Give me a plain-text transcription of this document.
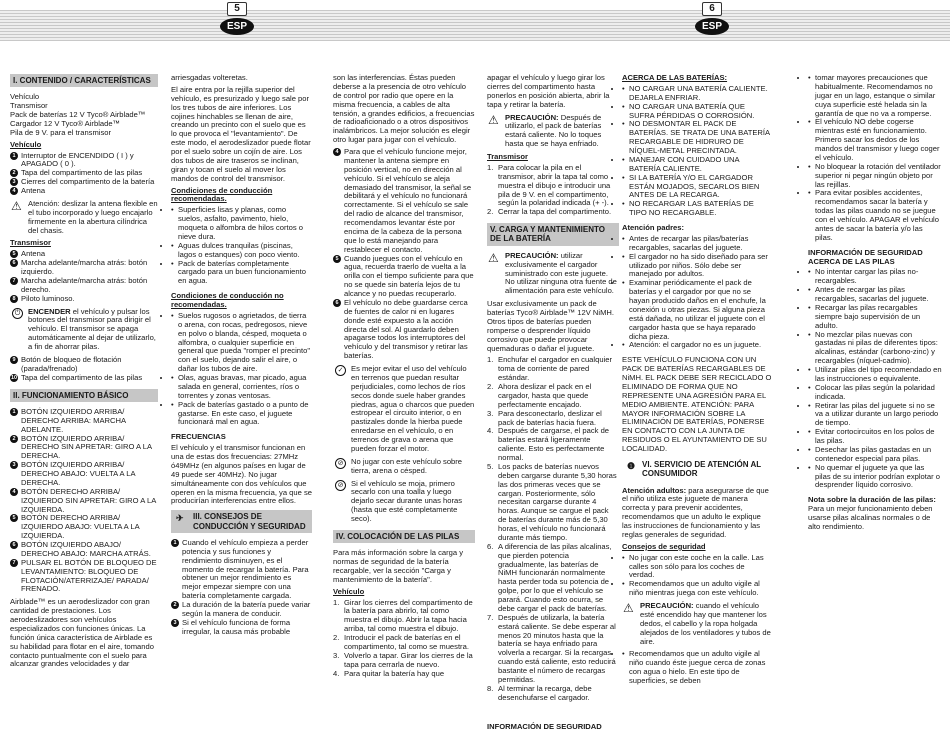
5
ESP
6
ESP
I. CONTENIDO / CARACTERÍSTICAS
Vehículo
Transmisor
Pack de baterías 12 V Tyco® Airblade™
Cargador 12 V Tyco® Airblade™
Pila de 9 V. para el transmisor
Vehículo
1 Interruptor de ENCENDIDO ( I ) y APAGADO ( 0 ).
2 Tapa del compartimento de las pilas
3 Cierres del compartimento de la batería
4 Antena
⚠ Atención: deslizar la antena flexible en el tubo incorporado y luego encajarlo firmemente en la abertura cilíndrica del chasis.
Transmisor
5 Antena
6 Marcha adelante/marcha atrás: botón izquierdo.
7 Marcha adelante/marcha atrás: botón derecho.
8 Piloto luminoso.
⏻	ENCENDER el vehículo y pulsar los botones del transmisor para dirigir el vehículo. El transmisor se apaga automáticamente al dejar de utilizarlo, a fin de ahorrar pilas.
9 Botón de bloqueo de flotación (parada/frenado)
10 Tapa del compartimento de las pilas
II. FUNCIONAMIENTO BÁSICO
1 BOTÓN IZQUIERDO ARRIBA/ DERECHO ARRIBA: MARCHA ADELANTE.
2 BOTÓN IZQUIERDO ARRIBA/ DERECHO SIN APRETAR: GIRO A LA DERECHA.
3 BOTÓN IZQUIERDO ARRIBA/ DERECHO ABAJO: VUELTA A LA DERECHA.
4 BOTÓN DERECHO ARRIBA/ IZQUIERDO SIN APRETAR: GIRO A LA IZQUIERDA.
5 BOTÓN DERECHO ARRIBA/ IZQUIERDO ABAJO: VUELTA A LA IZQUIERDA.
6 BOTÓN IZQUIERDO ABAJO/ DERECHO ABAJO: MARCHA ATRÁS.
7 PULSAR EL BOTÓN DE BLOQUEO DE LEVANTAMIENTO: BLOQUEO DE FLOTACIÓN/ATERRIZAJE/ PARADA/ FRENADO.
Airblade™ es un aerodeslizador con gran cantidad de prestaciones. Los aerodeslizadores son vehículos especializados con funciones únicas. La función única característica de Airblade es su habilidad para flotar en el aire, tomando contacto puntualmente con el suelo para alcanzar grandes velocidades y dar
arriesgadas volteretas.
El aire entra por la rejilla superior del vehículo, es presurizado y luego sale por los tres tubos de aire inferiores. Los cojines hinchables se llenan de aire, creando un precinto con el suelo que es lo que provoca el "levantamiento". De este modo, el aerodeslizador puede flotar por el suelo sobre un cojín de aire. Los dos tubos de aire traseros se inclinan, giran y tocan el suelo al mover los mandos de control del transmisor.
Condiciones de conducción recomendadas.
• • Superficies lisas y planas, como suelos, asfalto, pavimento, hielo, moqueta o alfombra de hilos cortos o nieve dura.
• • Aguas dulces tranquilas (piscinas, lagos o estanques) con poco viento.
• • Pack de baterías completamente cargado para un buen funcionamiento en agua.
Condiciones de conducción no recomendadas.
• • Suelos rugosos o agrietados, de tierra o arena, con rocas, pedregosos, nieve en polvo o blanda, césped, moqueta o alfombra, o cualquier superficie en general que pueda "romper el precinto" con el suelo, dejando salir el aire, o dañar los tubos de aire.
• • Olas, aguas bravas, mar picado, agua salada en general, corrientes, ríos o torrentes y zonas ventosas.
• • Pack de baterías gastado o a punto de gastarse. En este caso, el juguete funcionará mal en agua.
FRECUENCIAS
El vehículo y el transmisor funcionan en una de estas dos frecuencias: 27MHz ó49MHz (en algunos países en lugar de 49 puede ser 40MHz). No jugar simultáneamente con dos vehículos que operen en la misma frecuencia, ya que se producirían interferencias entre ellos.
✈ III. CONSEJOS DE CONDUCCIÓN Y SEGURIDAD
1 Cuando el vehículo empieza a perder potencia y sus funciones y rendimiento disminuyen, es el momento de recargar la batería. Para obtener un mejor rendimiento es mejor empezar siempre con una batería completamente cargada.
2 La duración de la batería puede variar según la manera de conducir.
3 Si el vehículo funciona de forma irregular, la causa más probable
son las interferencias. Éstas pueden deberse a la presencia de otro vehículo de control por radio que opere en la misma frecuencia, a cables de alta tensión, a grandes edificios, a frecuencias de radioaficionado o a otros dispositivos inalámbricos. La mejor solución es elegir otro lugar para jugar con el vehículo.
4 Para que el vehículo funcione mejor, mantener la antena siempre en posición vertical, no en dirección al vehículo. Si el vehículo se aleja demasiado del transmisor, la señal se debilitará y el vehículo no funcionará correctamente. Si el vehículo se sale del radio de alcance del transmisor, recomendamos levantar éste por encima de la cabeza de la persona que lo está manejando para restablecer el contacto.
5 Cuando juegues con el vehículo en agua, recuerda traerlo de vuelta a la orilla con el tiempo suficiente para que no se quede sin batería lejos de tu alcance y no puedas recuperarlo.
6 El vehículo no debe guardarse cerca de fuentes de calor ni en lugares donde esté expuesto a la acción directa del sol. Al guardarlo deben apagarse todos los interruptores del vehículo y del transmisor y retirar las baterías.
✓ Es mejor evitar el uso del vehículo en terrenos que puedan resultar perjudiciales, como lechos de ríos secos donde suele haber grandes piedras, agua o charcos que pueden estropear el circuito interior, o en pastizales donde la hierba puede enredarse en el vehículo, o en terrenos de grava o arena que pueden forzar el motor.
⊘ No jugar con este vehículo sobre tierra, arena o césped.
⊘ Si el vehículo se moja, primero secarlo con una toalla y luego dejarlo secar durante unas horas (hasta que esté completamente seco).
IV. COLOCACIÓN DE LAS PILAS
Para más información sobre la carga y normas de seguridad de la batería recargable, ver la sección "Carga y mantenimiento de la batería".
Vehículo
1. Girar los cierres del compartimento de la batería para abrirlo, tal como muestra el dibujo. Abrir la tapa hacia arriba, tal como muestra el dibujo.
2. Introducir el pack de baterías en el compartimento, tal como se muestra.
3. Volverlo a tapar. Girar los cierres de la tapa para cerrarla de nuevo.
4. Para quitar la batería hay que
apagar el vehículo y luego girar los cierres del compartimento hasta ponerlos en posición abierta, abrir la tapa y retirar la batería.
⚠ PRECAUCIÓN: Después de utilizarlo, el pack de baterías estará caliente. No lo toques hasta que se haya enfriado.
Transmisor
1. Para colocar la pila en el transmisor, abrir la tapa tal como muestra el dibujo e introducir una pila de 9 V. en el compartimento, según la polaridad indicada (+ -).
2. Cerrar la tapa del compartimento.
V. CARGA Y MANTENIMIENTO DE LA BATERÍA
⚠ PRECAUCIÓN: utilizar exclusivamente el cargador suministrado con este juguete. No utilizar ninguna otra fuente de alimentación para este vehículo.
Usar exclusivamente un pack de baterías Tyco® Airblade™ 12V NiMH. Otros tipos de baterías pueden romperse o desprender líquido corrosivo que puede provocar quemaduras o dañar el juguete.
1. Enchufar el cargador en cualquier toma de corriente de pared estándar.
2. Ahora deslizar el pack en el cargador, hasta que quede perfectamente encajado.
3. Para desconectarlo, deslizar el pack de baterías hacia fuera.
4. Después de cargarse, el pack de baterías estará ligeramente caliente. Esto es perfectamente normal.
5. Los packs de baterías nuevos deben cargarse durante 5,30 horas las dos primeras veces que se cargan. Posteriormente, sólo necesitan cargarse durante 4 horas. Aunque se cargue el pack de baterías durante más de 5,30 horas, el vehículo no funcionará durante más tiempo.
6. A diferencia de las pilas alcalinas, que pierden potencia gradualmente, las baterías de NiMH funcionarán normalmente hasta perder toda su potencia de golpe, por lo que el vehículo se parará. Cuando esto ocurra, se debe cargar el pack de baterías.
7. Después de utilizarla, la batería estará caliente. Se debe esperar al menos 20 minutos hasta que la batería se haya enfriado para volverla a recargar. Si la recargas cuando está caliente, esto reducirá bastante el número de recargas permitidas.
8. Al terminar la recarga, debe desenchufarse el cargador.
INFORMACIÓN DE SEGURIDAD
ACERCA DE LAS BATERÍAS:
• • NO CARGAR UNA BATERÍA CALIENTE. DEJARLA ENFRIAR.
• • NO CARGAR UNA BATERÍA QUE SUFRA PÉRDIDAS O CORROSIÓN.
• • NO DESMONTAR EL PACK DE BATERÍAS. SE TRATA DE UNA BATERÍA RECARGABLE DE HIDRURO DE NÍQUEL-METAL PRECINTADA.
• • MANEJAR CON CUIDADO UNA BATERÍA CALIENTE.
• • SI LA BATERÍA Y/O EL CARGADOR ESTÁN MOJADOS, SECARLOS BIEN ANTES DE LA RECARGA.
• • NO RECARGAR LAS BATERÍAS DE TIPO NO RECARGABLE.
Atención padres:
• • Antes de recargar las pilas/baterías recargables, sacarlas del juguete.
• • El cargador no ha sido diseñado para ser utilizado por niños. Sólo debe ser manejado por adultos.
• • Examinar periódicamente el pack de baterías y el cargador por que no se hayan producido daños en el enchufe, la conexión u otras piezas. Si alguna pieza está dañada, no utilizar el juguete con el cargador hasta que se haya reparado dicha pieza.
• • Atención: el cargador no es un juguete.
ESTE VEHÍCULO FUNCIONA CON UN PACK DE BATERÍAS RECARGABLES DE NiMH. EL PACK DEBE SER RECICLADO O ELIMINADO DE FORMA QUE NO REPRESENTE UNA AGRESIÓN PARA EL MEDIO AMBIENTE. ATENCIÓN: PARA MAYOR INFORMACIÓN SOBRE LA ELIMINACIÓN DE BATERÍAS, PONERSE EN CONTACTO CON LA JUNTA DE RESIDUOS O EL AYUNTAMIENTO DE SU LOCALIDAD.
❶ VI. SERVICIO DE ATENCIÓN AL CONSUMIDOR
Atención adultos: para asegurarse de que el niño utiliza este juguete de manera correcta y para prevenir accidentes, recomendamos que un adulto le explique las instrucciones de funcionamiento y las reglas generales de seguridad.
Consejos de seguridad
• • No jugar con este coche en la calle. Las calles son sólo para los coches de verdad.
• • Recomendamos que un adulto vigile al niño mientras juega con este vehículo.
⚠ PRECAUCIÓN: cuando el vehículo esté encendido hay que mantener los dedos, el cabello y la ropa holgada alejados de los ventiladores y tubos de aire.
• • Recomendamos que un adulto vigile al niño cuando éste juegue cerca de zonas con agua o hielo. En este tipo de superficies, se deben
• • tomar mayores precauciones que habitualmente. Recomendamos no jugar en un lago, estanque o similar cuya superficie esté helada sin la garantía de que no va a romperse.
• • El vehículo NO debe cogerse mientras esté en funcionamiento. Primero sacar los dedos de los mandos del transmisor y luego coger el vehículo.
• • No bloquear la rotación del ventilador superior ni pegar ningún objeto por las rejillas.
• • Para evitar posibles accidentes, recomendamos sacar la batería y todas las pilas cuando no se juegue con el vehículo. APAGAR el vehículo antes de sacar la batería y/o las pilas.
INFORMACIÓN DE SEGURIDAD ACERCA DE LAS PILAS
• • No intentar cargar las pilas no-recargables.
• • Antes de recargar las pilas recargables, sacarlas del juguete.
• • Recargar las pilas recargables siempre bajo supervisión de un adulto.
• • No mezclar pilas nuevas con gastadas ni pilas de diferentes tipos: alcalinas, estándar (carbono-zinc) y recargables (níquel-cadmio).
• • Utilizar pilas del tipo recomendado en las instrucciones o equivalente.
• • Colocar las pilas según la polaridad indicada.
• • Retirar las pilas del juguete si no se va a utilizar durante un largo periodo de tiempo.
• • Evitar cortocircuitos en los polos de las pilas.
• • Desechar las pilas gastadas en un contenedor especial para pilas.
• • No quemar el juguete ya que las pilas de su interior podrían explotar o desprender líquido corrosivo.
Nota sobre la duración de las pilas:
Para un mejor funcionamiento deben usarse pilas alcalinas normales o de alto rendimiento.
